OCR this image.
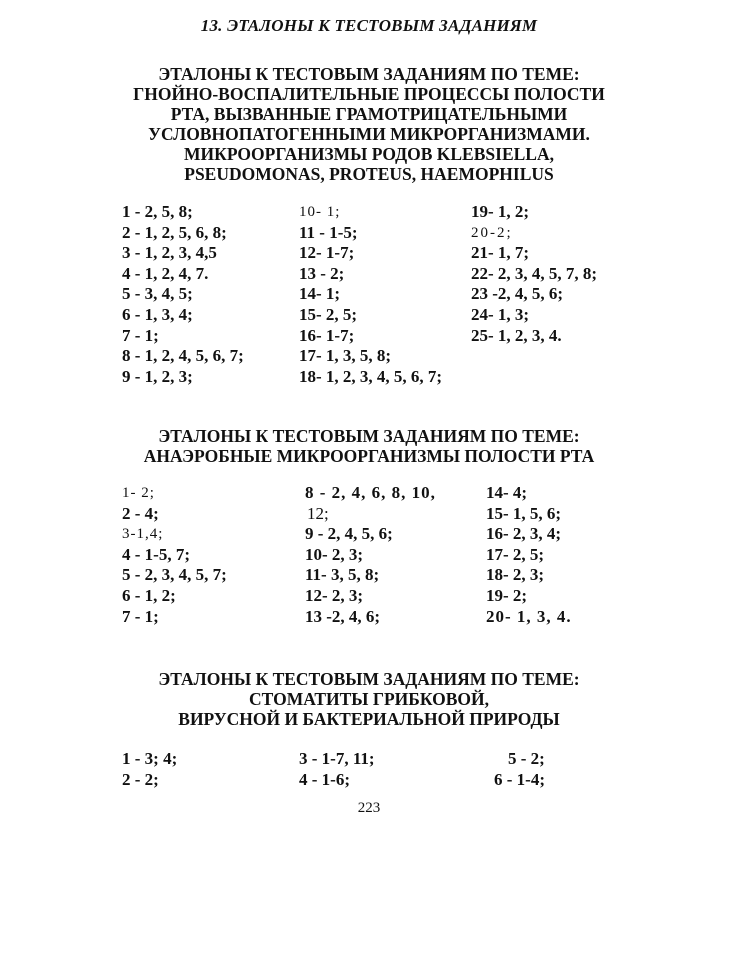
13. ЭТАЛОНЫ К ТЕСТОВЫМ ЗАДАНИЯМ
ЭТАЛОНЫ К ТЕСТОВЫМ ЗАДАНИЯМ ПО ТЕМЕ:
ГНОЙНО-ВОСПАЛИТЕЛЬНЫЕ ПРОЦЕССЫ ПОЛОСТИ
РТА, ВЫЗВАННЫЕ ГРАМОТРИЦАТЕЛЬНЫМИ
УСЛОВНОПАТОГЕННЫМИ МИКРОРГАНИЗМАМИ.
МИКРООРГАНИЗМЫ РОДОВ KLEBSIELLA,
PSEUDOMONAS, PROTEUS, HAEMOPHILUS
1 - 2, 5, 8;
2 - 1, 2, 5, 6, 8;
3 - 1, 2, 3, 4,5
4 - 1, 2, 4, 7.
5 - 3, 4, 5;
6 - 1, 3, 4;
7 - 1;
8 - 1, 2, 4, 5, 6, 7;
9 - 1, 2, 3;
10- 1;
11 - 1-5;
12- 1-7;
13 - 2;
14- 1;
15- 2, 5;
16- 1-7;
17- 1, 3, 5, 8;
18- 1, 2, 3, 4, 5, 6, 7;
19- 1, 2;
20-2;
21- 1, 7;
22- 2, 3, 4, 5, 7, 8;
23 -2, 4, 5, 6;
24- 1, 3;
25- 1, 2, 3, 4.
ЭТАЛОНЫ К ТЕСТОВЫМ ЗАДАНИЯМ ПО ТЕМЕ:
АНАЭРОБНЫЕ МИКРООРГАНИЗМЫ ПОЛОСТИ РТА
1- 2;
2 - 4;
3-1,4;
4 - 1-5, 7;
5 - 2, 3, 4, 5, 7;
6 - 1, 2;
7 - 1;
8 - 2, 4, 6, 8, 10,
12;
9 - 2, 4, 5, 6;
10- 2, 3;
11- 3, 5, 8;
12- 2, 3;
13 -2, 4, 6;
14- 4;
15- 1, 5, 6;
16- 2, 3, 4;
17- 2, 5;
18- 2, 3;
19- 2;
20- 1, 3, 4.
ЭТАЛОНЫ К ТЕСТОВЫМ ЗАДАНИЯМ ПО ТЕМЕ:
СТОМАТИТЫ ГРИБКОВОЙ,
ВИРУСНОЙ И БАКТЕРИАЛЬНОЙ ПРИРОДЫ
1 - 3; 4;
2 - 2;
3 - 1-7, 11;
4 - 1-6;
5 - 2;
6 - 1-4;
223
